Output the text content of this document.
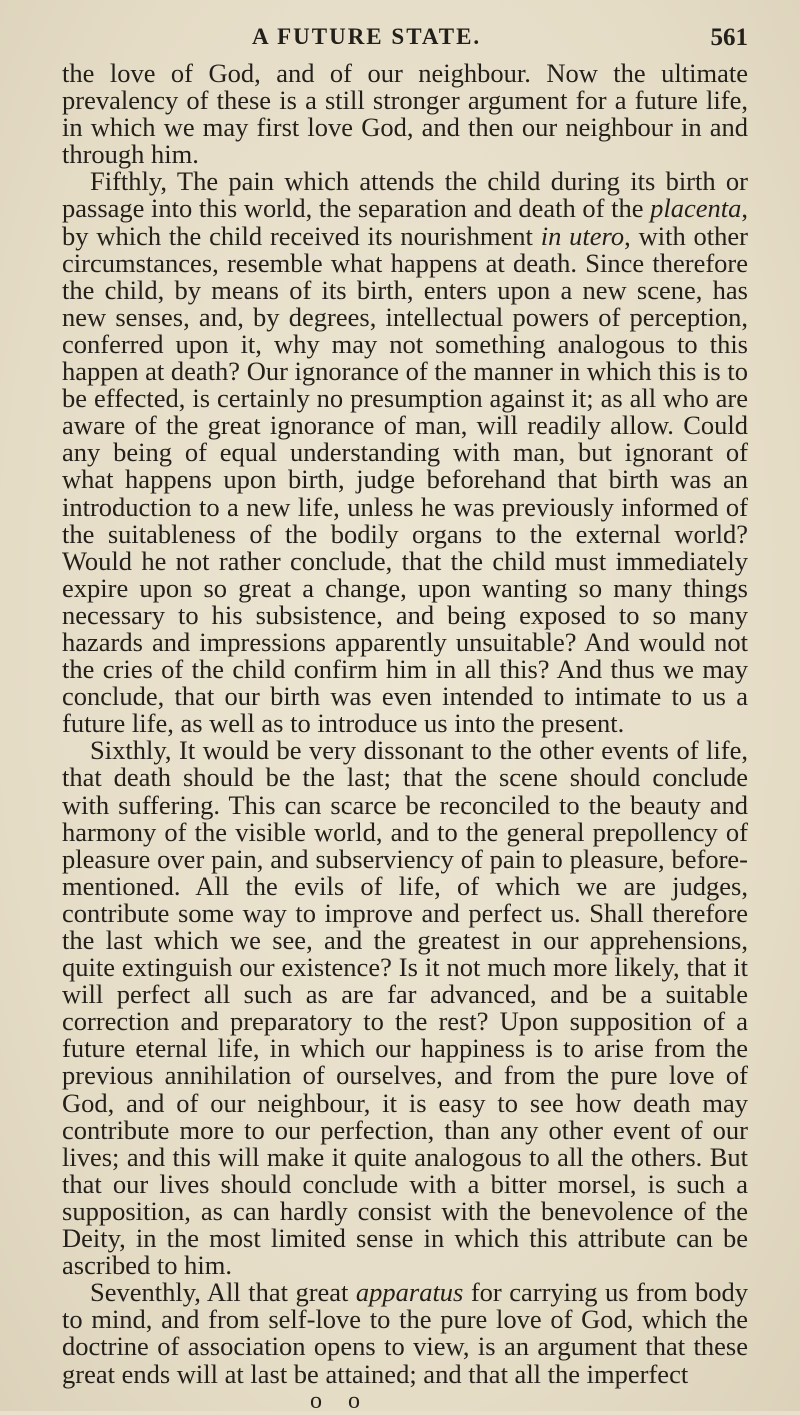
A FUTURE STATE.	561

the love of God, and of our neighbour. Now the ultimate prevalency of these is a still stronger argument for a future life, in which we may first love God, and then our neighbour in and through him.

Fifthly, The pain which attends the child during its birth or passage into this world, the separation and death of the placenta, by which the child received its nourishment in utero, with other circumstances, resemble what happens at death. Since therefore the child, by means of its birth, enters upon a new scene, has new senses, and, by degrees, intellectual powers of perception, conferred upon it, why may not something analogous to this happen at death? Our ignorance of the manner in which this is to be effected, is certainly no presumption against it; as all who are aware of the great ignorance of man, will readily allow. Could any being of equal understanding with man, but ignorant of what happens upon birth, judge beforehand that birth was an introduction to a new life, unless he was previously informed of the suitableness of the bodily organs to the external world? Would he not rather conclude, that the child must immediately expire upon so great a change, upon wanting so many things necessary to his subsistence, and being exposed to so many hazards and impressions apparently unsuitable? And would not the cries of the child confirm him in all this? And thus we may conclude, that our birth was even intended to intimate to us a future life, as well as to introduce us into the present.

Sixthly, It would be very dissonant to the other events of life, that death should be the last; that the scene should conclude with suffering. This can scarce be reconciled to the beauty and harmony of the visible world, and to the general prepollency of pleasure over pain, and subserviency of pain to pleasure, before-mentioned. All the evils of life, of which we are judges, contribute some way to improve and perfect us. Shall therefore the last which we see, and the greatest in our apprehensions, quite extinguish our existence? Is it not much more likely, that it will perfect all such as are far advanced, and be a suitable correction and preparatory to the rest? Upon supposition of a future eternal life, in which our happiness is to arise from the previous annihilation of ourselves, and from the pure love of God, and of our neighbour, it is easy to see how death may contribute more to our perfection, than any other event of our lives; and this will make it quite analogous to all the others. But that our lives should conclude with a bitter morsel, is such a supposition, as can hardly consist with the benevolence of the Deity, in the most limited sense in which this attribute can be ascribed to him.

Seventhly, All that great apparatus for carrying us from body to mind, and from self-love to the pure love of God, which the doctrine of association opens to view, is an argument that these great ends will at last be attained; and that all the imperfect

o o
